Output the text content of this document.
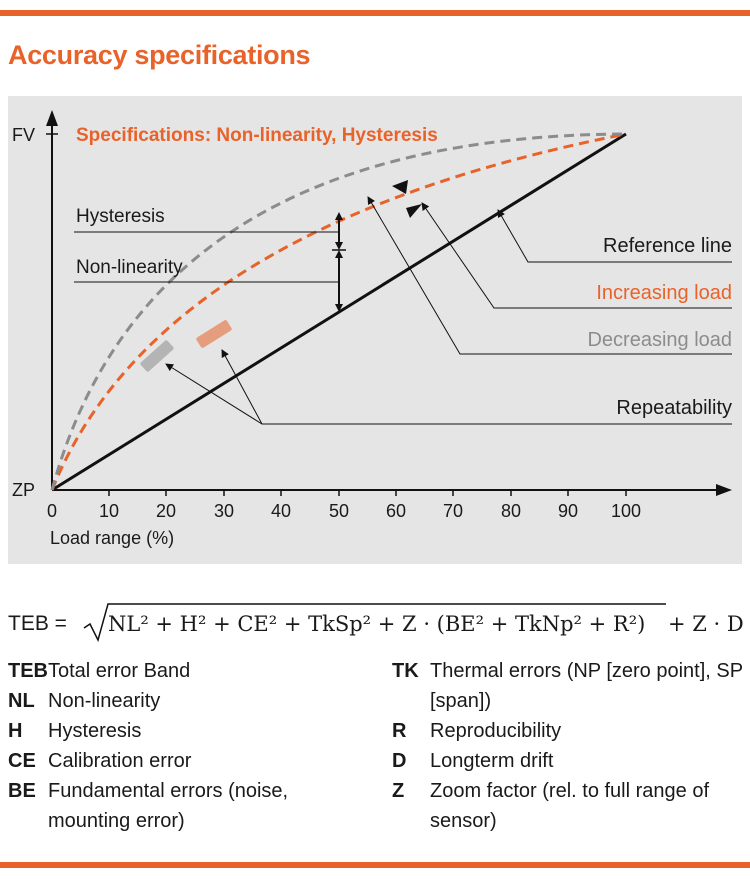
Accuracy specifications
FV
ZP
0 10 20 30 40 50 60 70 80 90 100
Load range (%)
Specifications: Non-linearity, Hysteresis
Hysteresis
Non-linearity
Reference line
Increasing load
Decreasing load
Repeatability
TEB = NL² + H² + CE² + TkSp² + Z · (BE² + TkNp² + R²) + Z · D
TEB Total error Band
NL Non-linearity
H	Hysteresis
CE Calibration error
BE Fundamental errors (noise, mounting error)
TK Thermal errors (NP [zero point], SP [span])
R	Reproducibility
D	Longterm drift
Z	Zoom factor (rel. to full range of sensor)
